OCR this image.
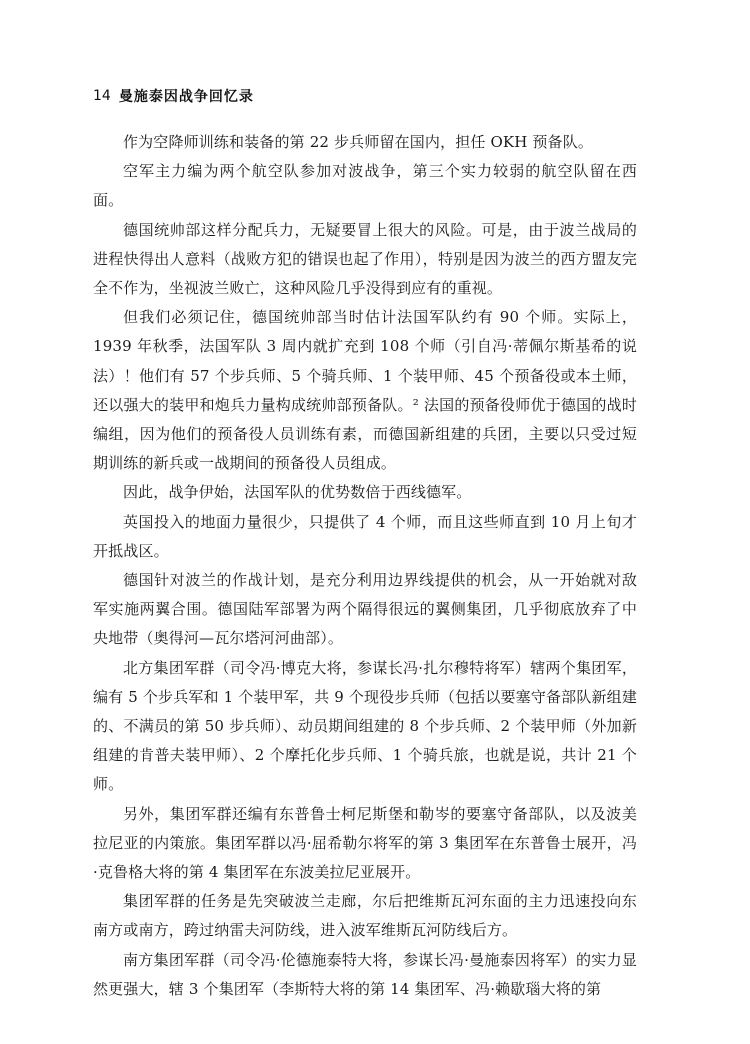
14 曼施泰因战争回忆录

作为空降师训练和装备的第 22 步兵师留在国内，担任 OKH 预备队。

空军主力编为两个航空队参加对波战争，第三个实力较弱的航空队留在西面。

德国统帅部这样分配兵力，无疑要冒上很大的风险。可是，由于波兰战局的进程快得出人意料（战败方犯的错误也起了作用），特别是因为波兰的西方盟友完全不作为，坐视波兰败亡，这种风险几乎没得到应有的重视。

但我们必须记住，德国统帅部当时估计法国军队约有 90 个师。实际上，1939 年秋季，法国军队 3 周内就扩充到 108 个师（引自冯·蒂佩尔斯基希的说法）！他们有 57 个步兵师、5 个骑兵师、1 个装甲师、45 个预备役或本土师，还以强大的装甲和炮兵力量构成统帅部预备队。² 法国的预备役师优于德国的战时编组，因为他们的预备役人员训练有素，而德国新组建的兵团，主要以只受过短期训练的新兵或一战期间的预备役人员组成。

因此，战争伊始，法国军队的优势数倍于西线德军。

英国投入的地面力量很少，只提供了 4 个师，而且这些师直到 10 月上旬才开抵战区。

德国针对波兰的作战计划，是充分利用边界线提供的机会，从一开始就对敌军实施两翼合围。德国陆军部署为两个隔得很远的翼侧集团，几乎彻底放弃了中央地带（奥得河—瓦尔塔河河曲部）。

北方集团军群（司令冯·博克大将，参谋长冯·扎尔穆特将军）辖两个集团军，编有 5 个步兵军和 1 个装甲军，共 9 个现役步兵师（包括以要塞守备部队新组建的、不满员的第 50 步兵师）、动员期间组建的 8 个步兵师、2 个装甲师（外加新组建的肯普夫装甲师）、2 个摩托化步兵师、1 个骑兵旅，也就是说，共计 21 个师。

另外，集团军群还编有东普鲁士柯尼斯堡和勒岑的要塞守备部队，以及波美拉尼亚的内策旅。集团军群以冯·屈希勒尔将军的第 3 集团军在东普鲁士展开，冯·克鲁格大将的第 4 集团军在东波美拉尼亚展开。

集团军群的任务是先突破波兰走廊，尔后把维斯瓦河东面的主力迅速投向东南方或南方，跨过纳雷夫河防线，进入波军维斯瓦河防线后方。

南方集团军群（司令冯·伦德施泰特大将，参谋长冯·曼施泰因将军）的实力显然更强大，辖 3 个集团军（李斯特大将的第 14 集团军、冯·赖歇瑙大将的第
